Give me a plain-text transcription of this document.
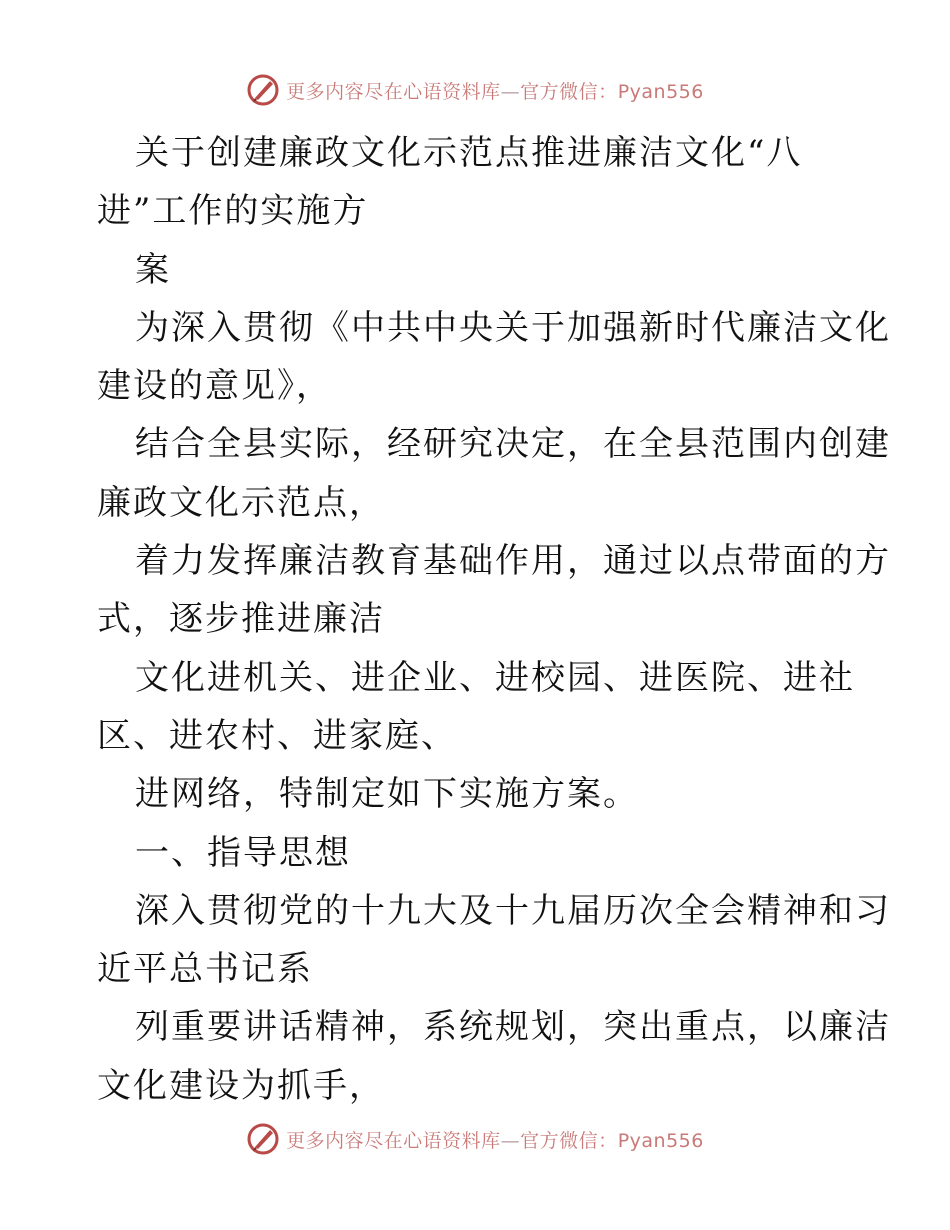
更多内容尽在心语资料库—官方微信：Pyan556
关于创建廉政文化示范点推进廉洁文化“八
进”工作的实施方
案
为深入贯彻《中共中央关于加强新时代廉洁文化
建设的意见》，
结合全县实际，经研究决定，在全县范围内创建
廉政文化示范点，
着力发挥廉洁教育基础作用，通过以点带面的方
式，逐步推进廉洁
文化进机关、进企业、进校园、进医院、进社
区、进农村、进家庭、
进网络，特制定如下实施方案。
一、指导思想
深入贯彻党的十九大及十九届历次全会精神和习
近平总书记系
列重要讲话精神，系统规划，突出重点，以廉洁
文化建设为抓手，
更多内容尽在心语资料库—官方微信：Pyan556
